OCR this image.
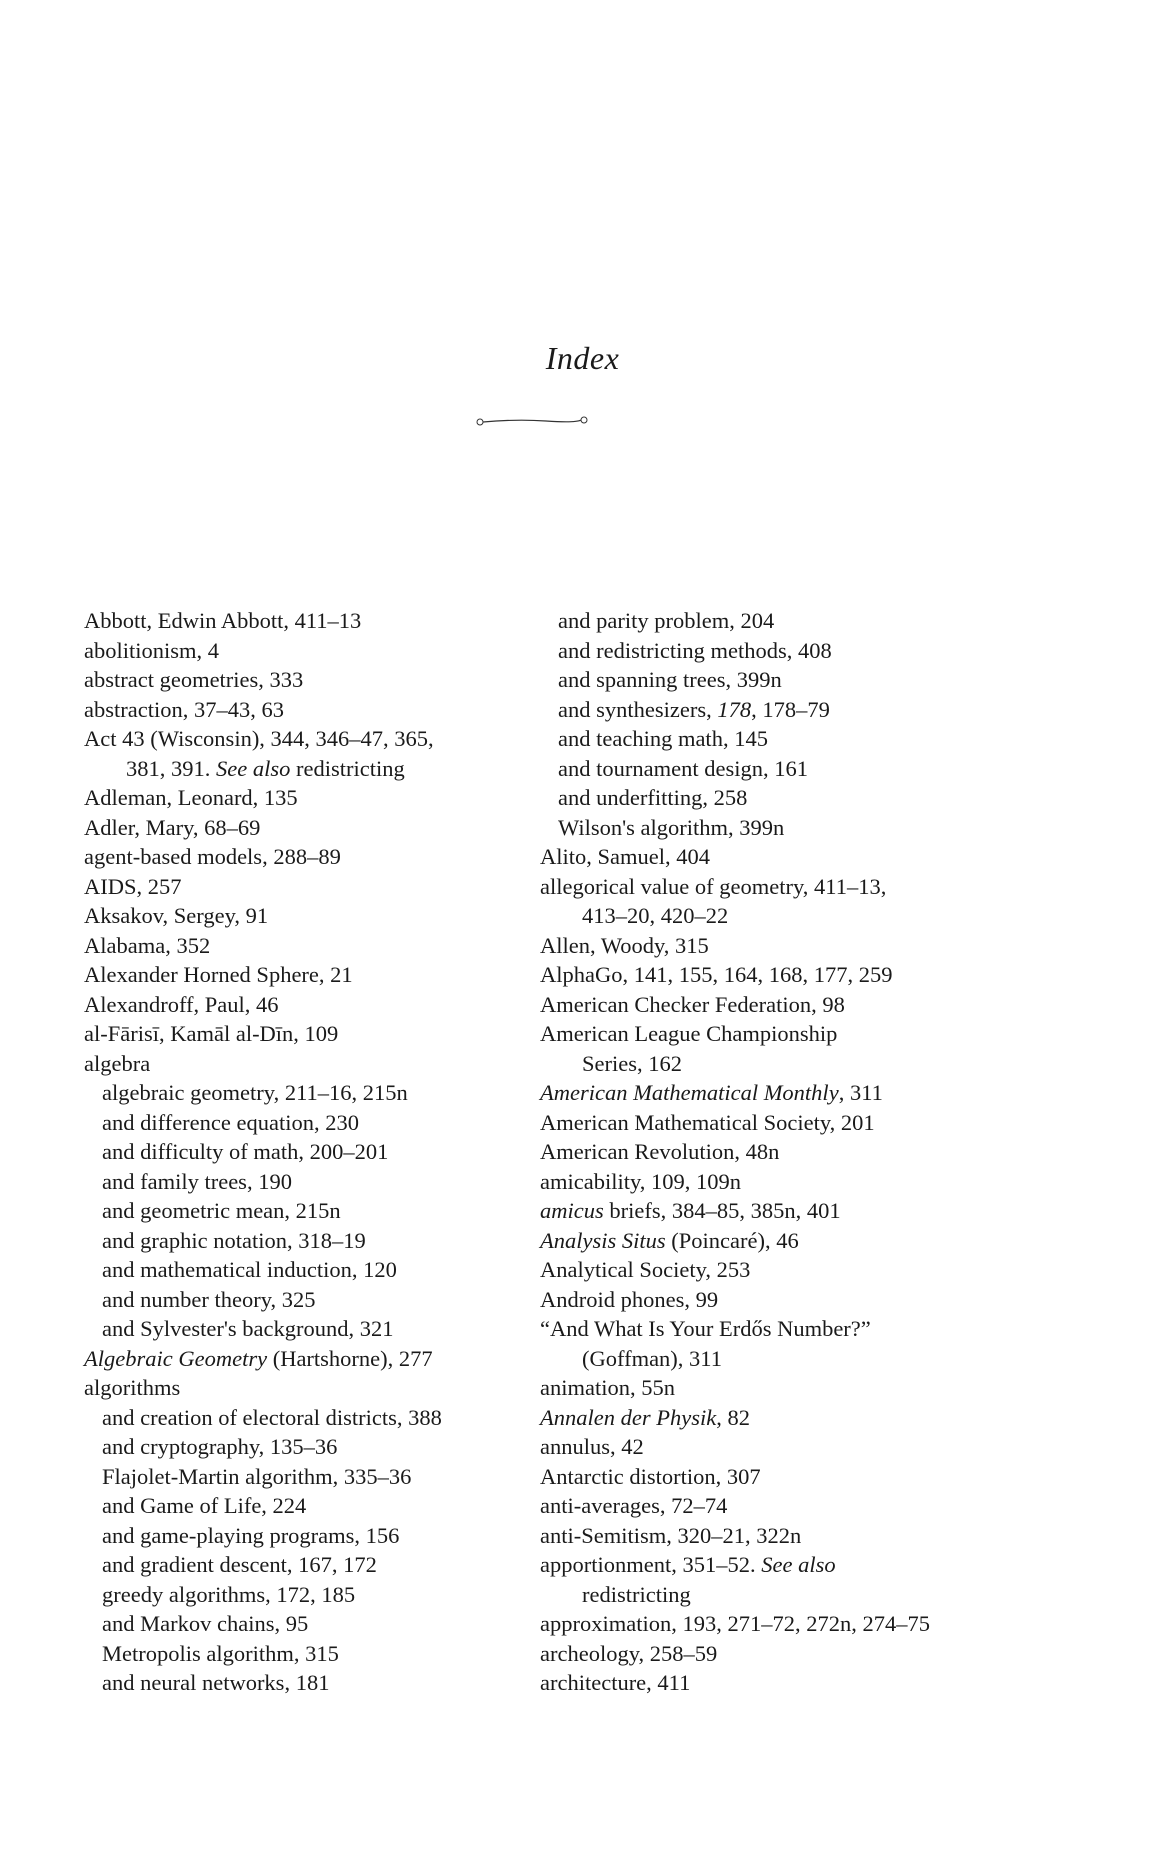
Index
Abbott, Edwin Abbott, 411–13
abolitionism, 4
abstract geometries, 333
abstraction, 37–43, 63
Act 43 (Wisconsin), 344, 346–47, 365,
381, 391. See also redistricting
Adleman, Leonard, 135
Adler, Mary, 68–69
agent-based models, 288–89
AIDS, 257
Aksakov, Sergey, 91
Alabama, 352
Alexander Horned Sphere, 21
Alexandroff, Paul, 46
al-Fārisī, Kamāl al-Dīn, 109
algebra
algebraic geometry, 211–16, 215n
and difference equation, 230
and difficulty of math, 200–201
and family trees, 190
and geometric mean, 215n
and graphic notation, 318–19
and mathematical induction, 120
and number theory, 325
and Sylvester's background, 321
Algebraic Geometry (Hartshorne), 277
algorithms
and creation of electoral districts, 388
and cryptography, 135–36
Flajolet-Martin algorithm, 335–36
and Game of Life, 224
and game-playing programs, 156
and gradient descent, 167, 172
greedy algorithms, 172, 185
and Markov chains, 95
Metropolis algorithm, 315
and neural networks, 181
and parity problem, 204
and redistricting methods, 408
and spanning trees, 399n
and synthesizers, 178, 178–79
and teaching math, 145
and tournament design, 161
and underfitting, 258
Wilson's algorithm, 399n
Alito, Samuel, 404
allegorical value of geometry, 411–13,
413–20, 420–22
Allen, Woody, 315
AlphaGo, 141, 155, 164, 168, 177, 259
American Checker Federation, 98
American League Championship
Series, 162
American Mathematical Monthly, 311
American Mathematical Society, 201
American Revolution, 48n
amicability, 109, 109n
amicus briefs, 384–85, 385n, 401
Analysis Situs (Poincaré), 46
Analytical Society, 253
Android phones, 99
“And What Is Your Erdős Number?”
(Goffman), 311
animation, 55n
Annalen der Physik, 82
annulus, 42
Antarctic distortion, 307
anti-averages, 72–74
anti-Semitism, 320–21, 322n
apportionment, 351–52. See also
redistricting
approximation, 193, 271–72, 272n, 274–75
archeology, 258–59
architecture, 411
